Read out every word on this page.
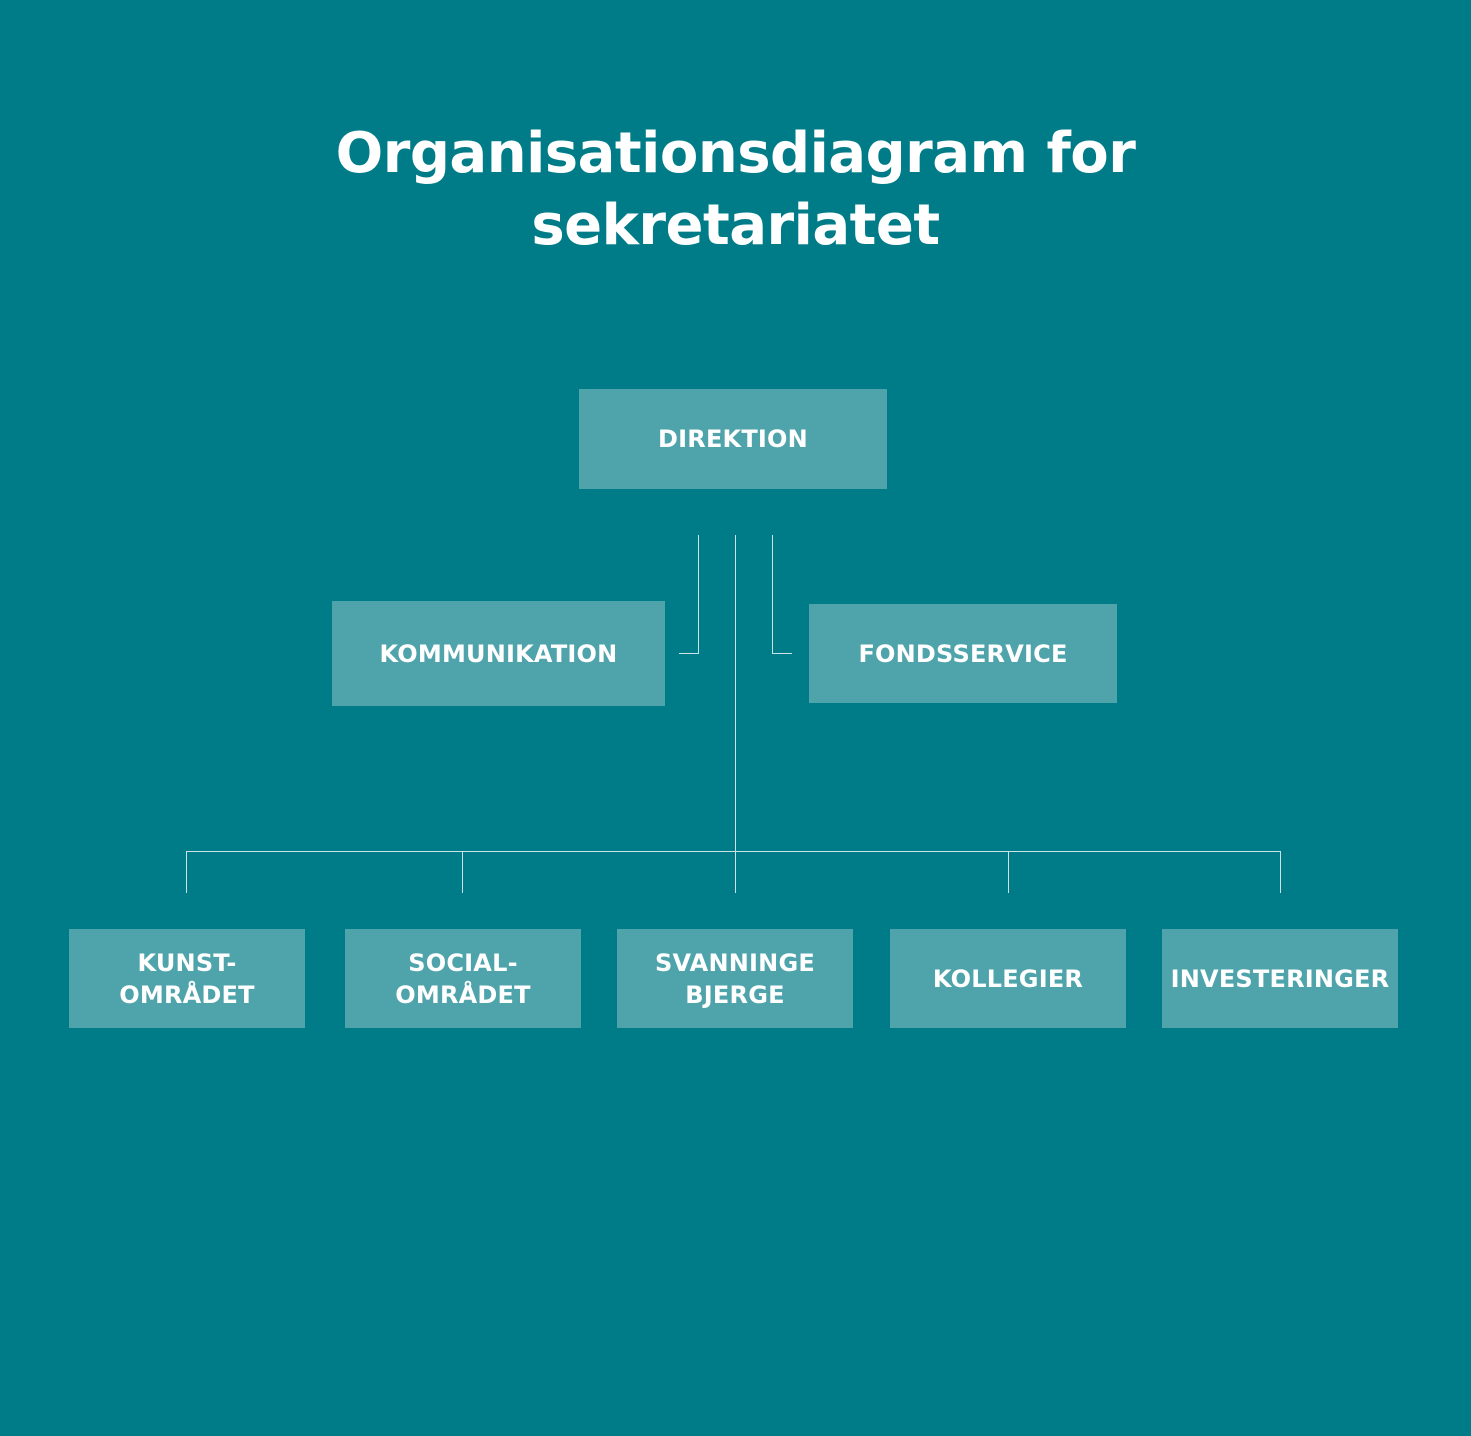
Organisationsdiagram for
sekretariatet
DIREKTION
KOMMUNIKATION	FONDSSERVICE
KUNST-
OMRÅDET
SOCIAL-
OMRÅDET
SVANNINGE
BJERGE
KOLLEGIER	INVESTERINGER
